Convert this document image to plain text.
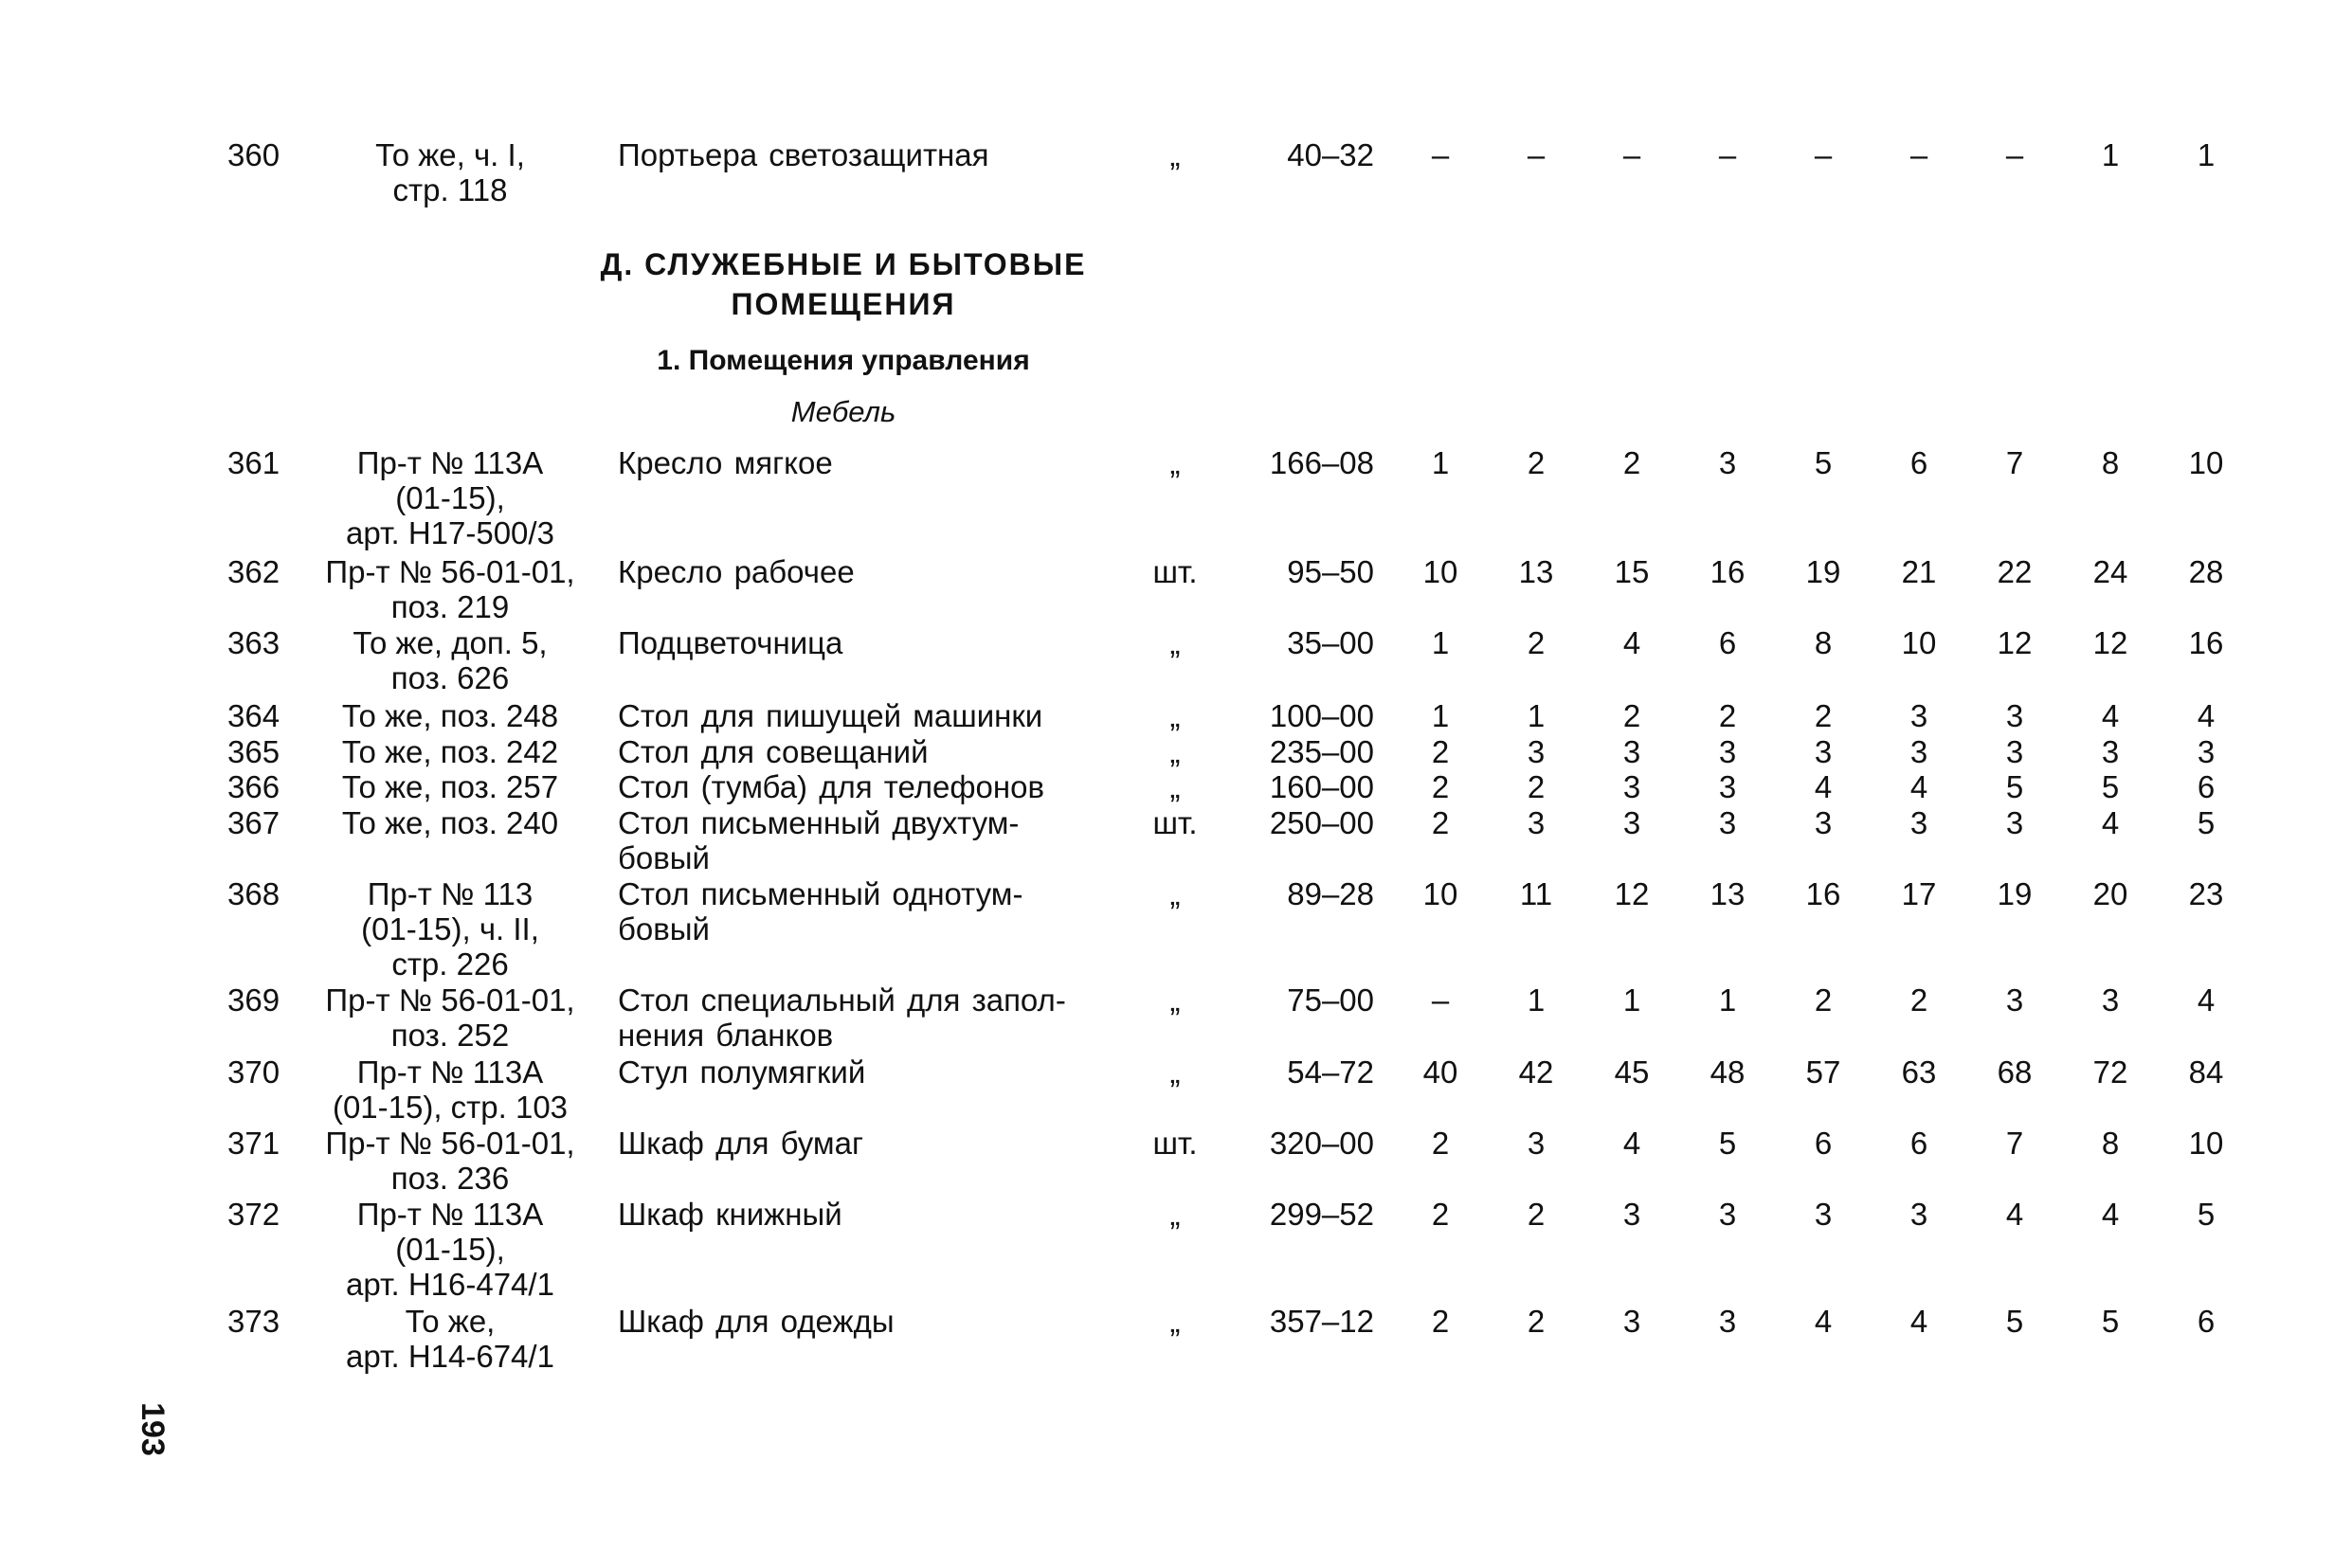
Д. СЛУЖЕБНЫЕ И БЫТОВЫЕ
ПОМЕЩЕНИЯ
1. Помещения управления
Мебель
360	То же, ч. I,
стр. 118
Портьера светозащитная	„	40–32	–	–	–	–	–	–	–	1	1
361	Пр-т № 113А
(01-15),
арт. Н17-500/3
Кресло мягкое	„	166–08	1	2	2	3	5	6	7	8	10
362	Пр-т № 56-01-01,
поз. 219
Кресло рабочее	шт.	95–50	10	13	15	16	19	21	22	24	28
363	То же, доп. 5,
поз. 626
Подцветочница	„	35–00	1	2	4	6	8	10	12	12	16
364	То же, поз. 248	Стол для пишущей машинки	„	100–00	1	1	2	2	2	3	3	4	4
365	То же, поз. 242	Стол для совещаний	„	235–00	2	3	3	3	3	3	3	3	3
366	То же, поз. 257	Стол (тумба) для телефонов	„	160–00	2	2	3	3	4	4	5	5	6
367	То же, поз. 240	Стол письменный двухтум-
бовый
шт.	250–00	2	3	3	3	3	3	3	4	5
368	Пр-т № 113
(01-15), ч. II,
стр. 226
Стол письменный однотум-
бовый
„	89–28	10	11	12	13	16	17	19	20	23
369	Пр-т № 56-01-01,
поз. 252
Стол специальный для запол-
нения бланков
„	75–00	–	1	1	1	2	2	3	3	4
370	Пр-т № 113А
(01-15), стр. 103
Стул полумягкий	„	54–72	40	42	45	48	57	63	68	72	84
371	Пр-т № 56-01-01,
поз. 236
Шкаф для бумаг	шт.	320–00	2	3	4	5	6	6	7	8	10
372	Пр-т № 113А
(01-15),
арт. Н16-474/1
Шкаф книжный	„	299–52	2	2	3	3	3	3	4	4	5
373	То же,
арт. Н14-674/1
Шкаф для одежды	„	357–12	2	2	3	3	4	4	5	5	6
193
